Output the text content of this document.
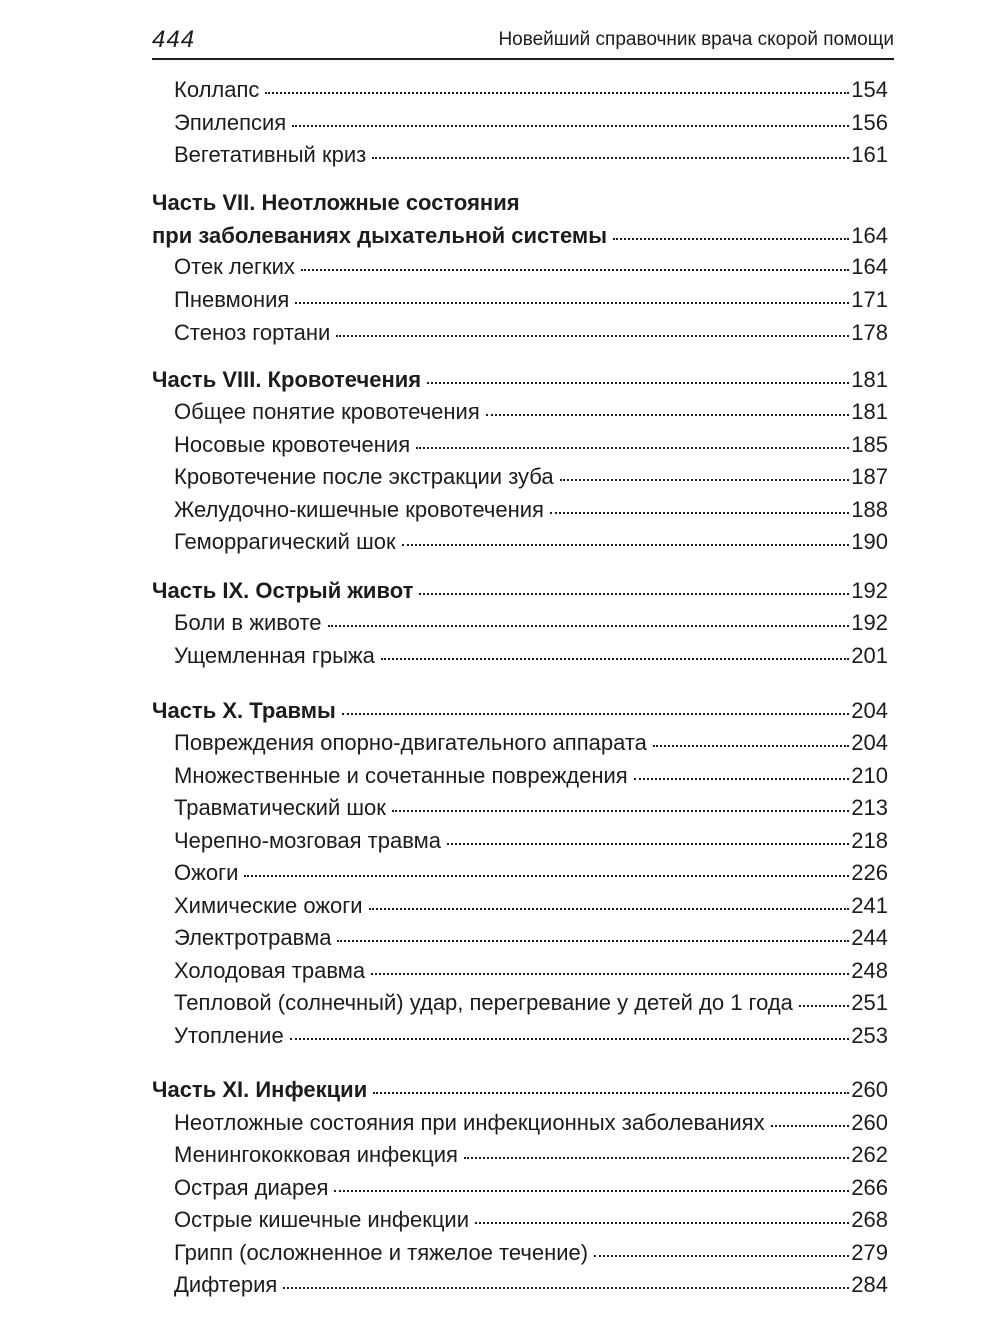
444	Новейший справочник врача скорой помощи
Коллапс	154
Эпилепсия	156
Вегетативный криз	161
Часть VII. Неотложные состояния
при заболеваниях дыхательной системы	164
Отек легких	164
Пневмония	171
Стеноз гортани	178
Часть VIII. Кровотечения	181
Общее понятие кровотечения	181
Носовые кровотечения	185
Кровотечение после экстракции зуба	187
Желудочно-кишечные кровотечения	188
Геморрагический шок	190
Часть IX. Острый живот	192
Боли в животе	192
Ущемленная грыжа	201
Часть X. Травмы	204
Повреждения опорно-двигательного аппарата	204
Множественные и сочетанные повреждения	210
Травматический шок	213
Черепно-мозговая травма	218
Ожоги	226
Химические ожоги	241
Электротравма	244
Холодовая травма	248
Тепловой (солнечный) удар, перегревание у детей до 1 года	251
Утопление	253
Часть XI. Инфекции	260
Неотложные состояния при инфекционных заболеваниях	260
Менингококковая инфекция	262
Острая диарея	266
Острые кишечные инфекции	268
Грипп (осложненное и тяжелое течение)	279
Дифтерия	284
